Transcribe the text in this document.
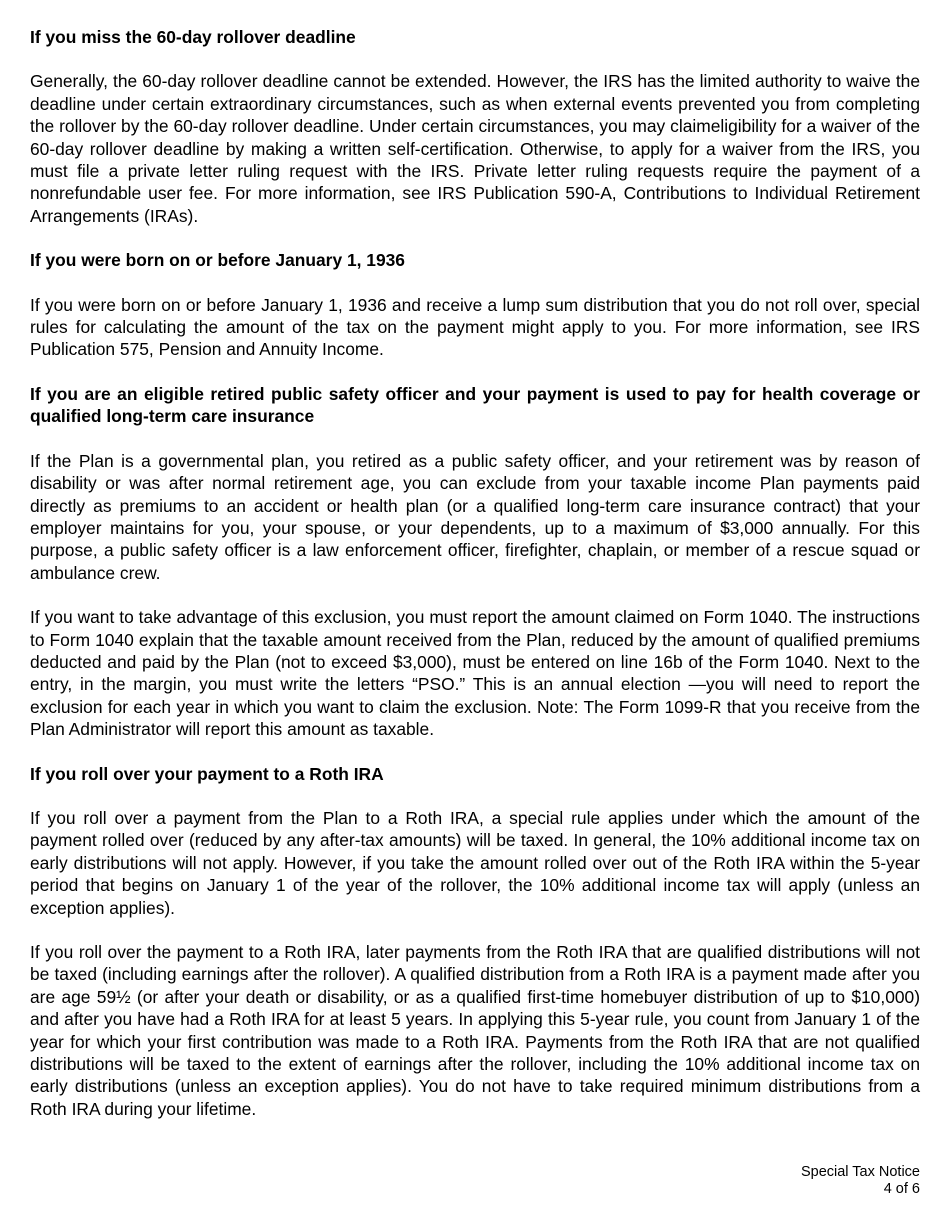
If you miss the 60-day rollover deadline

Generally, the 60-day rollover deadline cannot be extended. However, the IRS has the limited authority to waive the deadline under certain extraordinary circumstances, such as when external events prevented you from completing the rollover by the 60-day rollover deadline. Under certain circumstances, you may claimeligibility for a waiver of the 60-day rollover deadline by making a written self-certification. Otherwise, to apply for a waiver from the IRS, you must file a private letter ruling request with the IRS. Private letter ruling requests require the payment of a nonrefundable user fee. For more information, see IRS Publication 590-A, Contributions to Individual Retirement Arrangements (IRAs).

If you were born on or before January 1, 1936

If you were born on or before January 1, 1936 and receive a lump sum distribution that you do not roll over, special rules for calculating the amount of the tax on the payment might apply to you. For more information, see IRS Publication 575, Pension and Annuity Income.

If you are an eligible retired public safety officer and your payment is used to pay for health coverage or qualified long-term care insurance

If the Plan is a governmental plan, you retired as a public safety officer, and your retirement was by reason of disability or was after normal retirement age, you can exclude from your taxable income Plan payments paid directly as premiums to an accident or health plan (or a qualified long-term care insurance contract) that your employer maintains for you, your spouse, or your dependents, up to a maximum of $3,000 annually. For this purpose, a public safety officer is a law enforcement officer, firefighter, chaplain, or member of a rescue squad or ambulance crew.

If you want to take advantage of this exclusion, you must report the amount claimed on Form 1040. The instructions to Form 1040 explain that the taxable amount received from the Plan, reduced by the amount of qualified premiums deducted and paid by the Plan (not to exceed $3,000), must be entered on line 16b of the Form 1040. Next to the entry, in the margin, you must write the letters “PSO.” This is an annual election —you will need to report the exclusion for each year in which you want to claim the exclusion. Note: The Form 1099-R that you receive from the Plan Administrator will report this amount as taxable.

If you roll over your payment to a Roth IRA

If you roll over a payment from the Plan to a Roth IRA, a special rule applies under which the amount of the payment rolled over (reduced by any after-tax amounts) will be taxed. In general, the 10% additional income tax on early distributions will not apply. However, if you take the amount rolled over out of the Roth IRA within the 5-year period that begins on January 1 of the year of the rollover, the 10% additional income tax will apply (unless an exception applies).

If you roll over the payment to a Roth IRA, later payments from the Roth IRA that are qualified distributions will not be taxed (including earnings after the rollover). A qualified distribution from a Roth IRA is a payment made after you are age 59½ (or after your death or disability, or as a qualified first-time homebuyer distribution of up to $10,000) and after you have had a Roth IRA for at least 5 years. In applying this 5-year rule, you count from January 1 of the year for which your first contribution was made to a Roth IRA. Payments from the Roth IRA that are not qualified distributions will be taxed to the extent of earnings after the rollover, including the 10% additional income tax on early distributions (unless an exception applies). You do not have to take required minimum distributions from a Roth IRA during your lifetime.

Special Tax Notice
4 of 6
